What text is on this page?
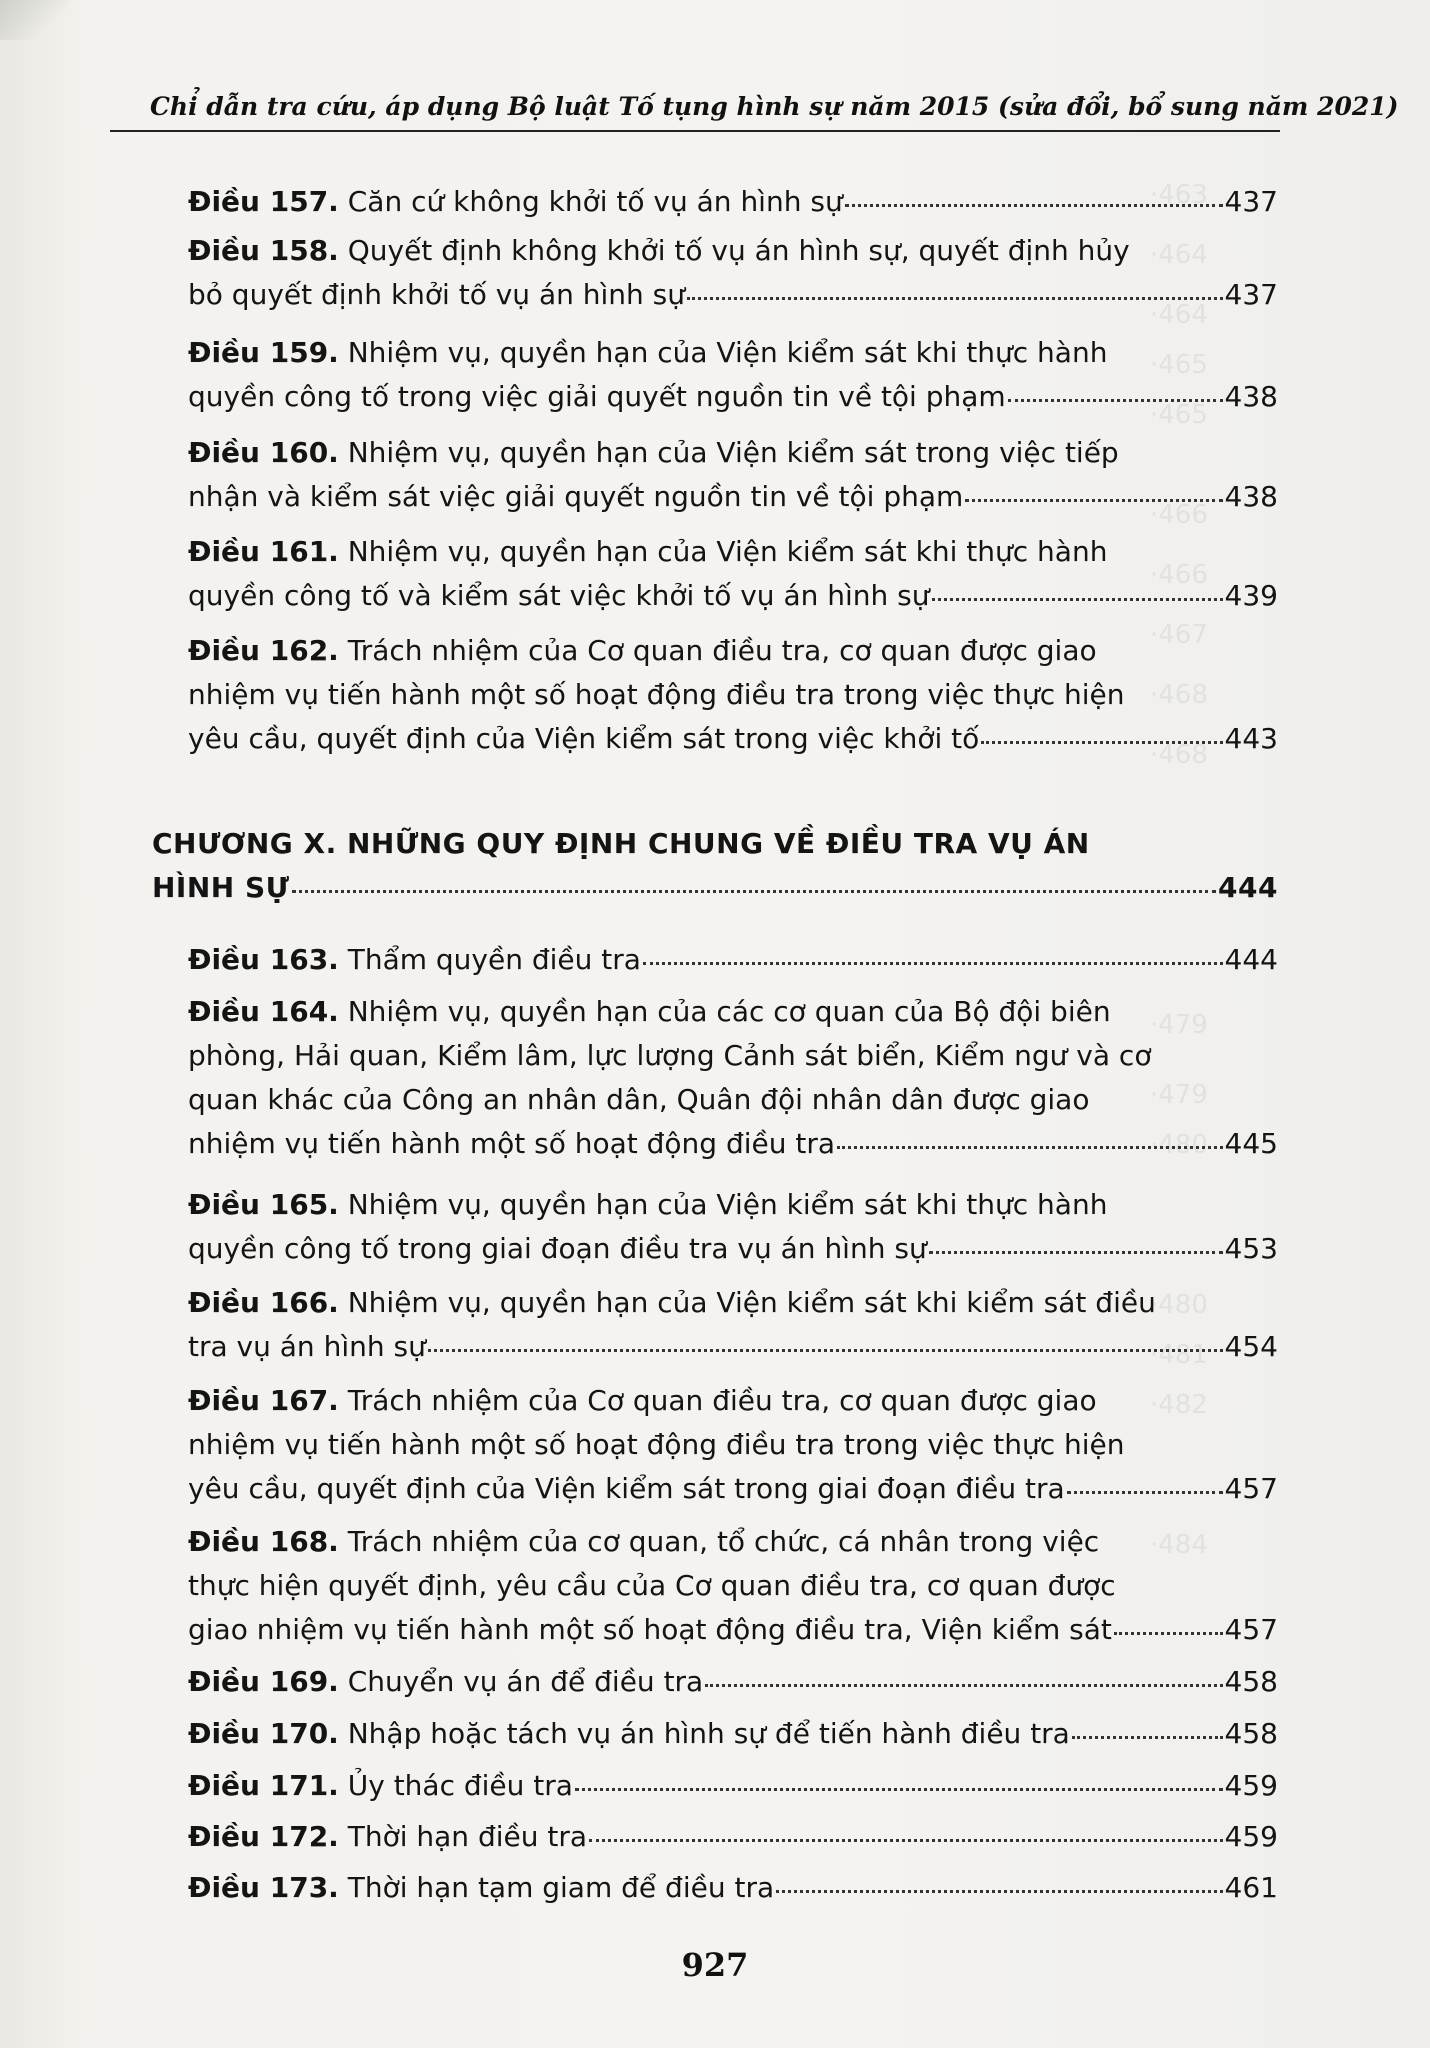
Chỉ dẫn tra cứu, áp dụng Bộ luật Tố tụng hình sự năm 2015 (sửa đổi, bổ sung năm 2021)
·463
·464
·464
·465
·465
·466
·466
·467
·468
·468
·479
·479
·480
·480
·481
·482
·484
Điều 157. Căn cứ không khởi tố vụ án hình sự	437
Điều 158. Quyết định không khởi tố vụ án hình sự, quyết định hủy
bỏ quyết định khởi tố vụ án hình sự	437
Điều 159. Nhiệm vụ, quyền hạn của Viện kiểm sát khi thực hành
quyền công tố trong việc giải quyết nguồn tin về tội phạm	438
Điều 160. Nhiệm vụ, quyền hạn của Viện kiểm sát trong việc tiếp
nhận và kiểm sát việc giải quyết nguồn tin về tội phạm	438
Điều 161. Nhiệm vụ, quyền hạn của Viện kiểm sát khi thực hành
quyền công tố và kiểm sát việc khởi tố vụ án hình sự	439
Điều 162. Trách nhiệm của Cơ quan điều tra, cơ quan được giao
nhiệm vụ tiến hành một số hoạt động điều tra trong việc thực hiện
yêu cầu, quyết định của Viện kiểm sát trong việc khởi tố	443
CHƯƠNG X. NHỮNG QUY ĐỊNH CHUNG VỀ ĐIỀU TRA VỤ ÁN
HÌNH SỰ	444
Điều 163. Thẩm quyền điều tra	444
Điều 164. Nhiệm vụ, quyền hạn của các cơ quan của Bộ đội biên
phòng, Hải quan, Kiểm lâm, lực lượng Cảnh sát biển, Kiểm ngư và cơ
quan khác của Công an nhân dân, Quân đội nhân dân được giao
nhiệm vụ tiến hành một số hoạt động điều tra	445
Điều 165. Nhiệm vụ, quyền hạn của Viện kiểm sát khi thực hành
quyền công tố trong giai đoạn điều tra vụ án hình sự	453
Điều 166. Nhiệm vụ, quyền hạn của Viện kiểm sát khi kiểm sát điều
tra vụ án hình sự	454
Điều 167. Trách nhiệm của Cơ quan điều tra, cơ quan được giao
nhiệm vụ tiến hành một số hoạt động điều tra trong việc thực hiện
yêu cầu, quyết định của Viện kiểm sát trong giai đoạn điều tra	457
Điều 168. Trách nhiệm của cơ quan, tổ chức, cá nhân trong việc
thực hiện quyết định, yêu cầu của Cơ quan điều tra, cơ quan được
giao nhiệm vụ tiến hành một số hoạt động điều tra, Viện kiểm sát	457
Điều 169. Chuyển vụ án để điều tra	458
Điều 170. Nhập hoặc tách vụ án hình sự để tiến hành điều tra	458
Điều 171. Ủy thác điều tra	459
Điều 172. Thời hạn điều tra	459
Điều 173. Thời hạn tạm giam để điều tra	461
927
